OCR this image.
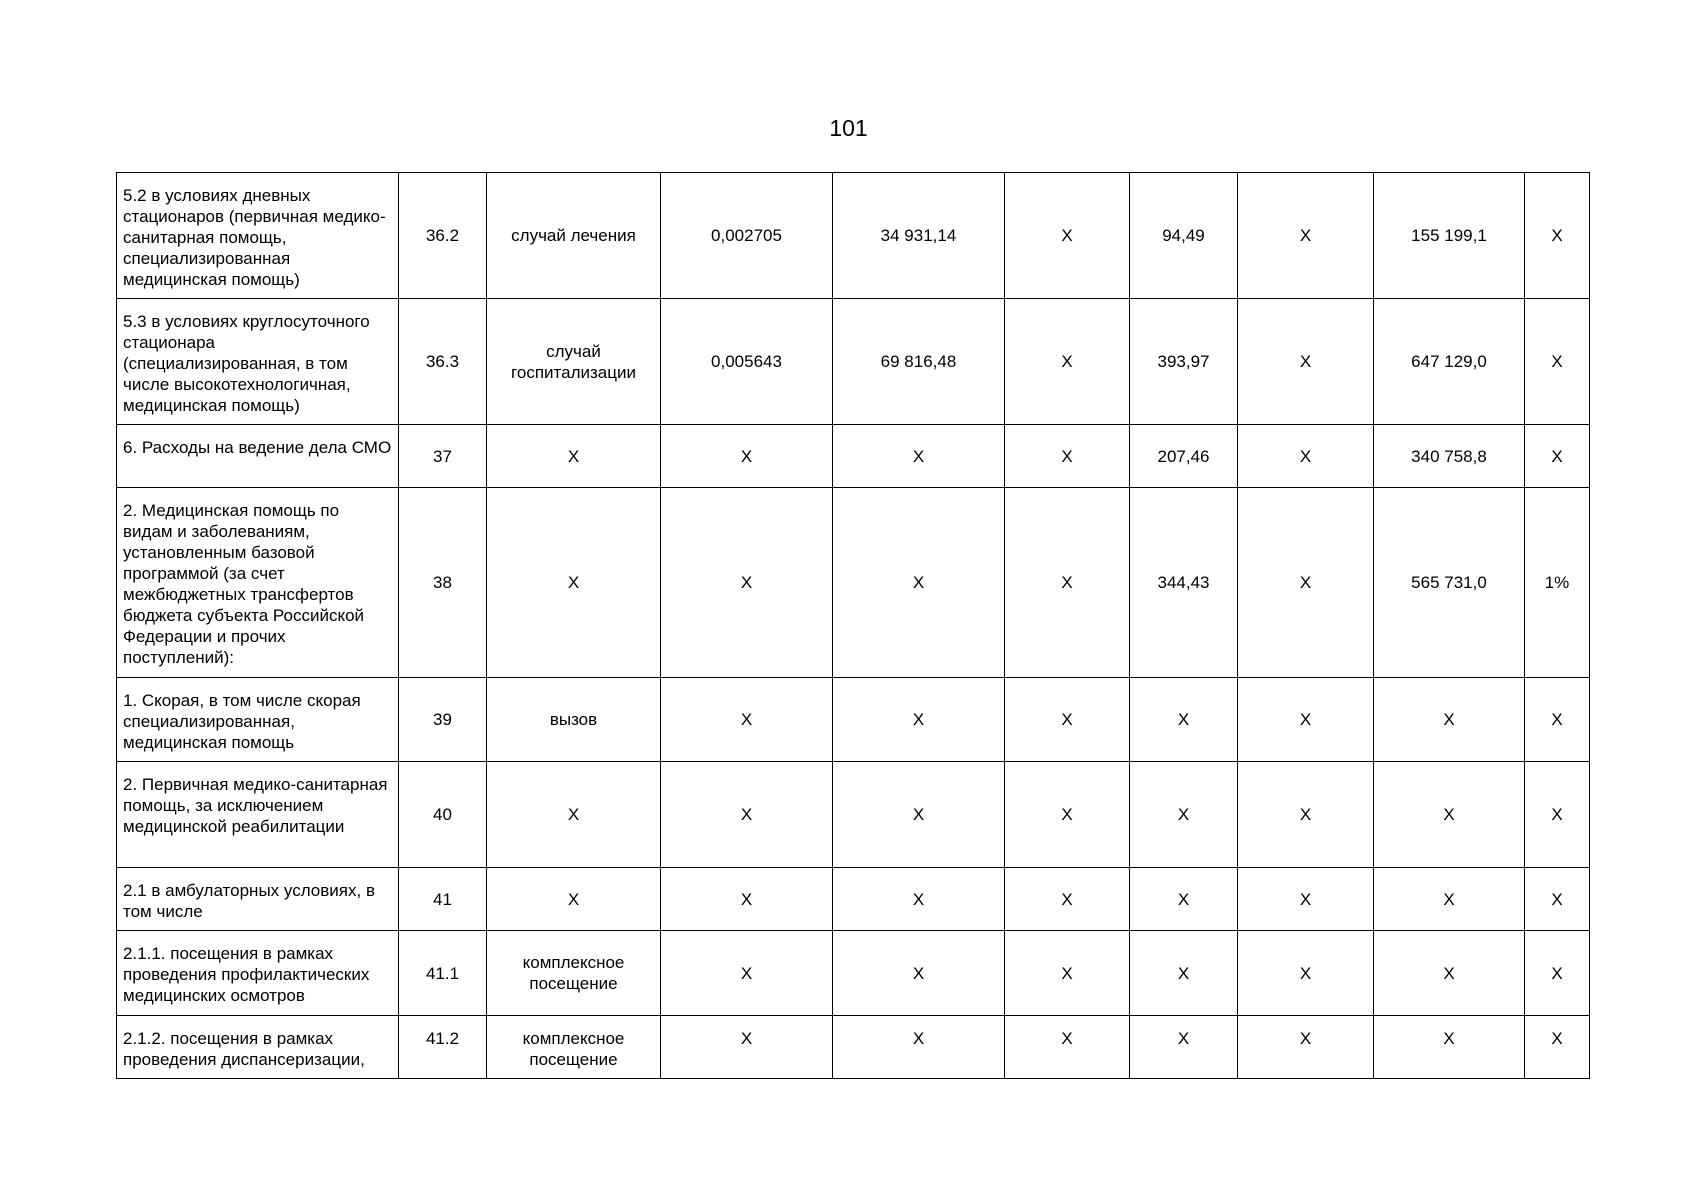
101
5.2 в условиях дневных стационаров (первичная медико-санитарная помощь, специализированная медицинская помощь)	36.2	случай лечения	0,002705	34 931,14	Х	94,49	Х	155 199,1	Х
5.3 в условиях круглосуточного стационара (специализированная, в том числе высокотехнологичная, медицинская помощь)	36.3	случай госпитализации	0,005643	69 816,48	Х	393,97	Х	647 129,0	Х
6. Расходы на ведение дела СМО	37	Х	Х	Х	Х	207,46	Х	340 758,8	Х
2. Медицинская помощь по видам и заболеваниям, установленным базовой программой (за счет межбюджетных трансфертов бюджета субъекта Российской Федерации и прочих поступлений):	38	Х	Х	Х	Х	344,43	Х	565 731,0	1%
1. Скорая, в том числе скорая специализированная, медицинская помощь	39	вызов	Х	Х	Х	Х	Х	Х	Х
2. Первичная медико-санитарная помощь, за исключением медицинской реабилитации	40	Х	Х	Х	Х	Х	Х	Х	Х
2.1 в амбулаторных условиях, в том числе	41	Х	Х	Х	Х	Х	Х	Х	Х
2.1.1. посещения в рамках проведения профилактических медицинских осмотров	41.1	комплексное посещение	Х	Х	Х	Х	Х	Х	Х
2.1.2. посещения в рамках проведения диспансеризации,	41.2	комплексное посещение	Х	Х	Х	Х	Х	Х	Х
